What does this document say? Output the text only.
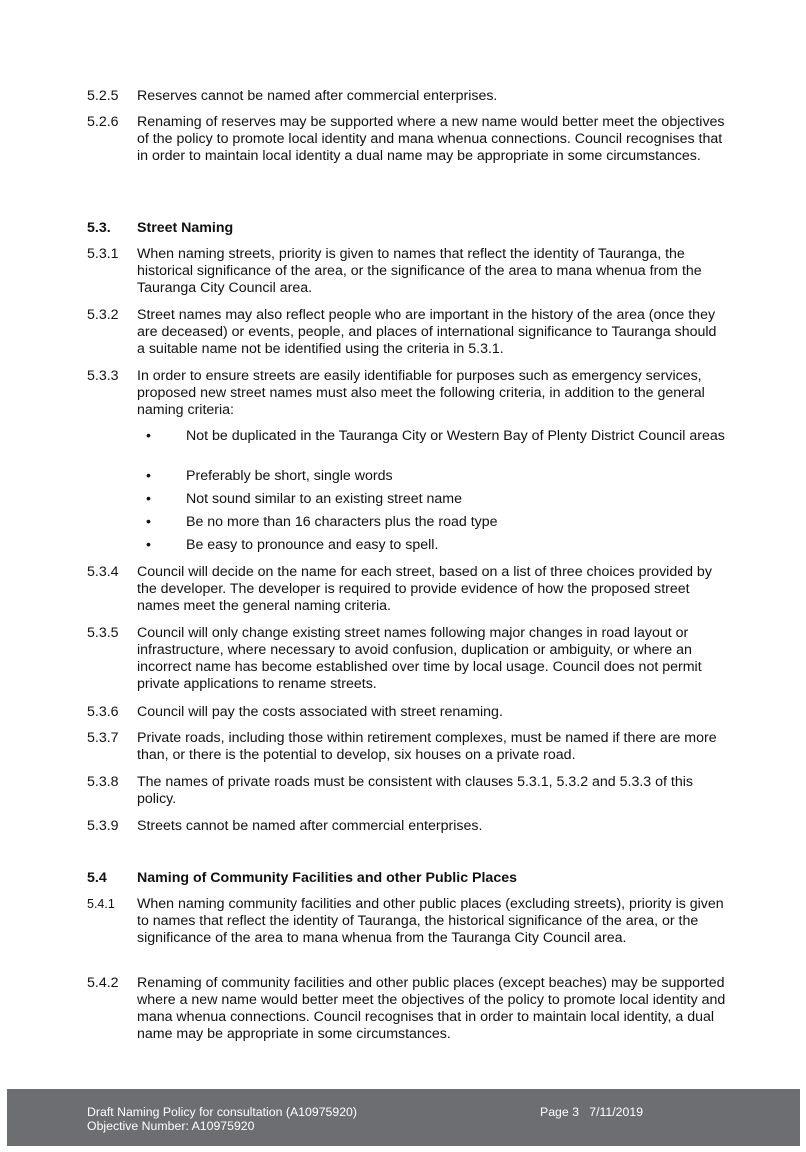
5.2.5 Reserves cannot be named after commercial enterprises.
5.2.6 Renaming of reserves may be supported where a new name would better meet the objectives of the policy to promote local identity and mana whenua connections. Council recognises that in order to maintain local identity a dual name may be appropriate in some circumstances.
5.3. Street Naming
5.3.1 When naming streets, priority is given to names that reflect the identity of Tauranga, the historical significance of the area, or the significance of the area to mana whenua from the Tauranga City Council area.
5.3.2 Street names may also reflect people who are important in the history of the area (once they are deceased) or events, people, and places of international significance to Tauranga should a suitable name not be identified using the criteria in 5.3.1.
5.3.3 In order to ensure streets are easily identifiable for purposes such as emergency services, proposed new street names must also meet the following criteria, in addition to the general naming criteria:
• Not be duplicated in the Tauranga City or Western Bay of Plenty District Council areas
• Preferably be short, single words
• Not sound similar to an existing street name
• Be no more than 16 characters plus the road type
• Be easy to pronounce and easy to spell.
5.3.4 Council will decide on the name for each street, based on a list of three choices provided by the developer. The developer is required to provide evidence of how the proposed street names meet the general naming criteria.
5.3.5 Council will only change existing street names following major changes in road layout or infrastructure, where necessary to avoid confusion, duplication or ambiguity, or where an incorrect name has become established over time by local usage. Council does not permit private applications to rename streets.
5.3.6 Council will pay the costs associated with street renaming.
5.3.7 Private roads, including those within retirement complexes, must be named if there are more than, or there is the potential to develop, six houses on a private road.
5.3.8 The names of private roads must be consistent with clauses 5.3.1, 5.3.2 and 5.3.3 of this policy.
5.3.9 Streets cannot be named after commercial enterprises.
5.4 Naming of Community Facilities and other Public Places
5.4.1 When naming community facilities and other public places (excluding streets), priority is given to names that reflect the identity of Tauranga, the historical significance of the area, or the significance of the area to mana whenua from the Tauranga City Council area.
5.4.2 Renaming of community facilities and other public places (except beaches) may be supported where a new name would better meet the objectives of the policy to promote local identity and mana whenua connections. Council recognises that in order to maintain local identity, a dual name may be appropriate in some circumstances.
Draft Naming Policy for consultation (A10975920)
Objective Number: A10975920
Page 3 7/11/2019
